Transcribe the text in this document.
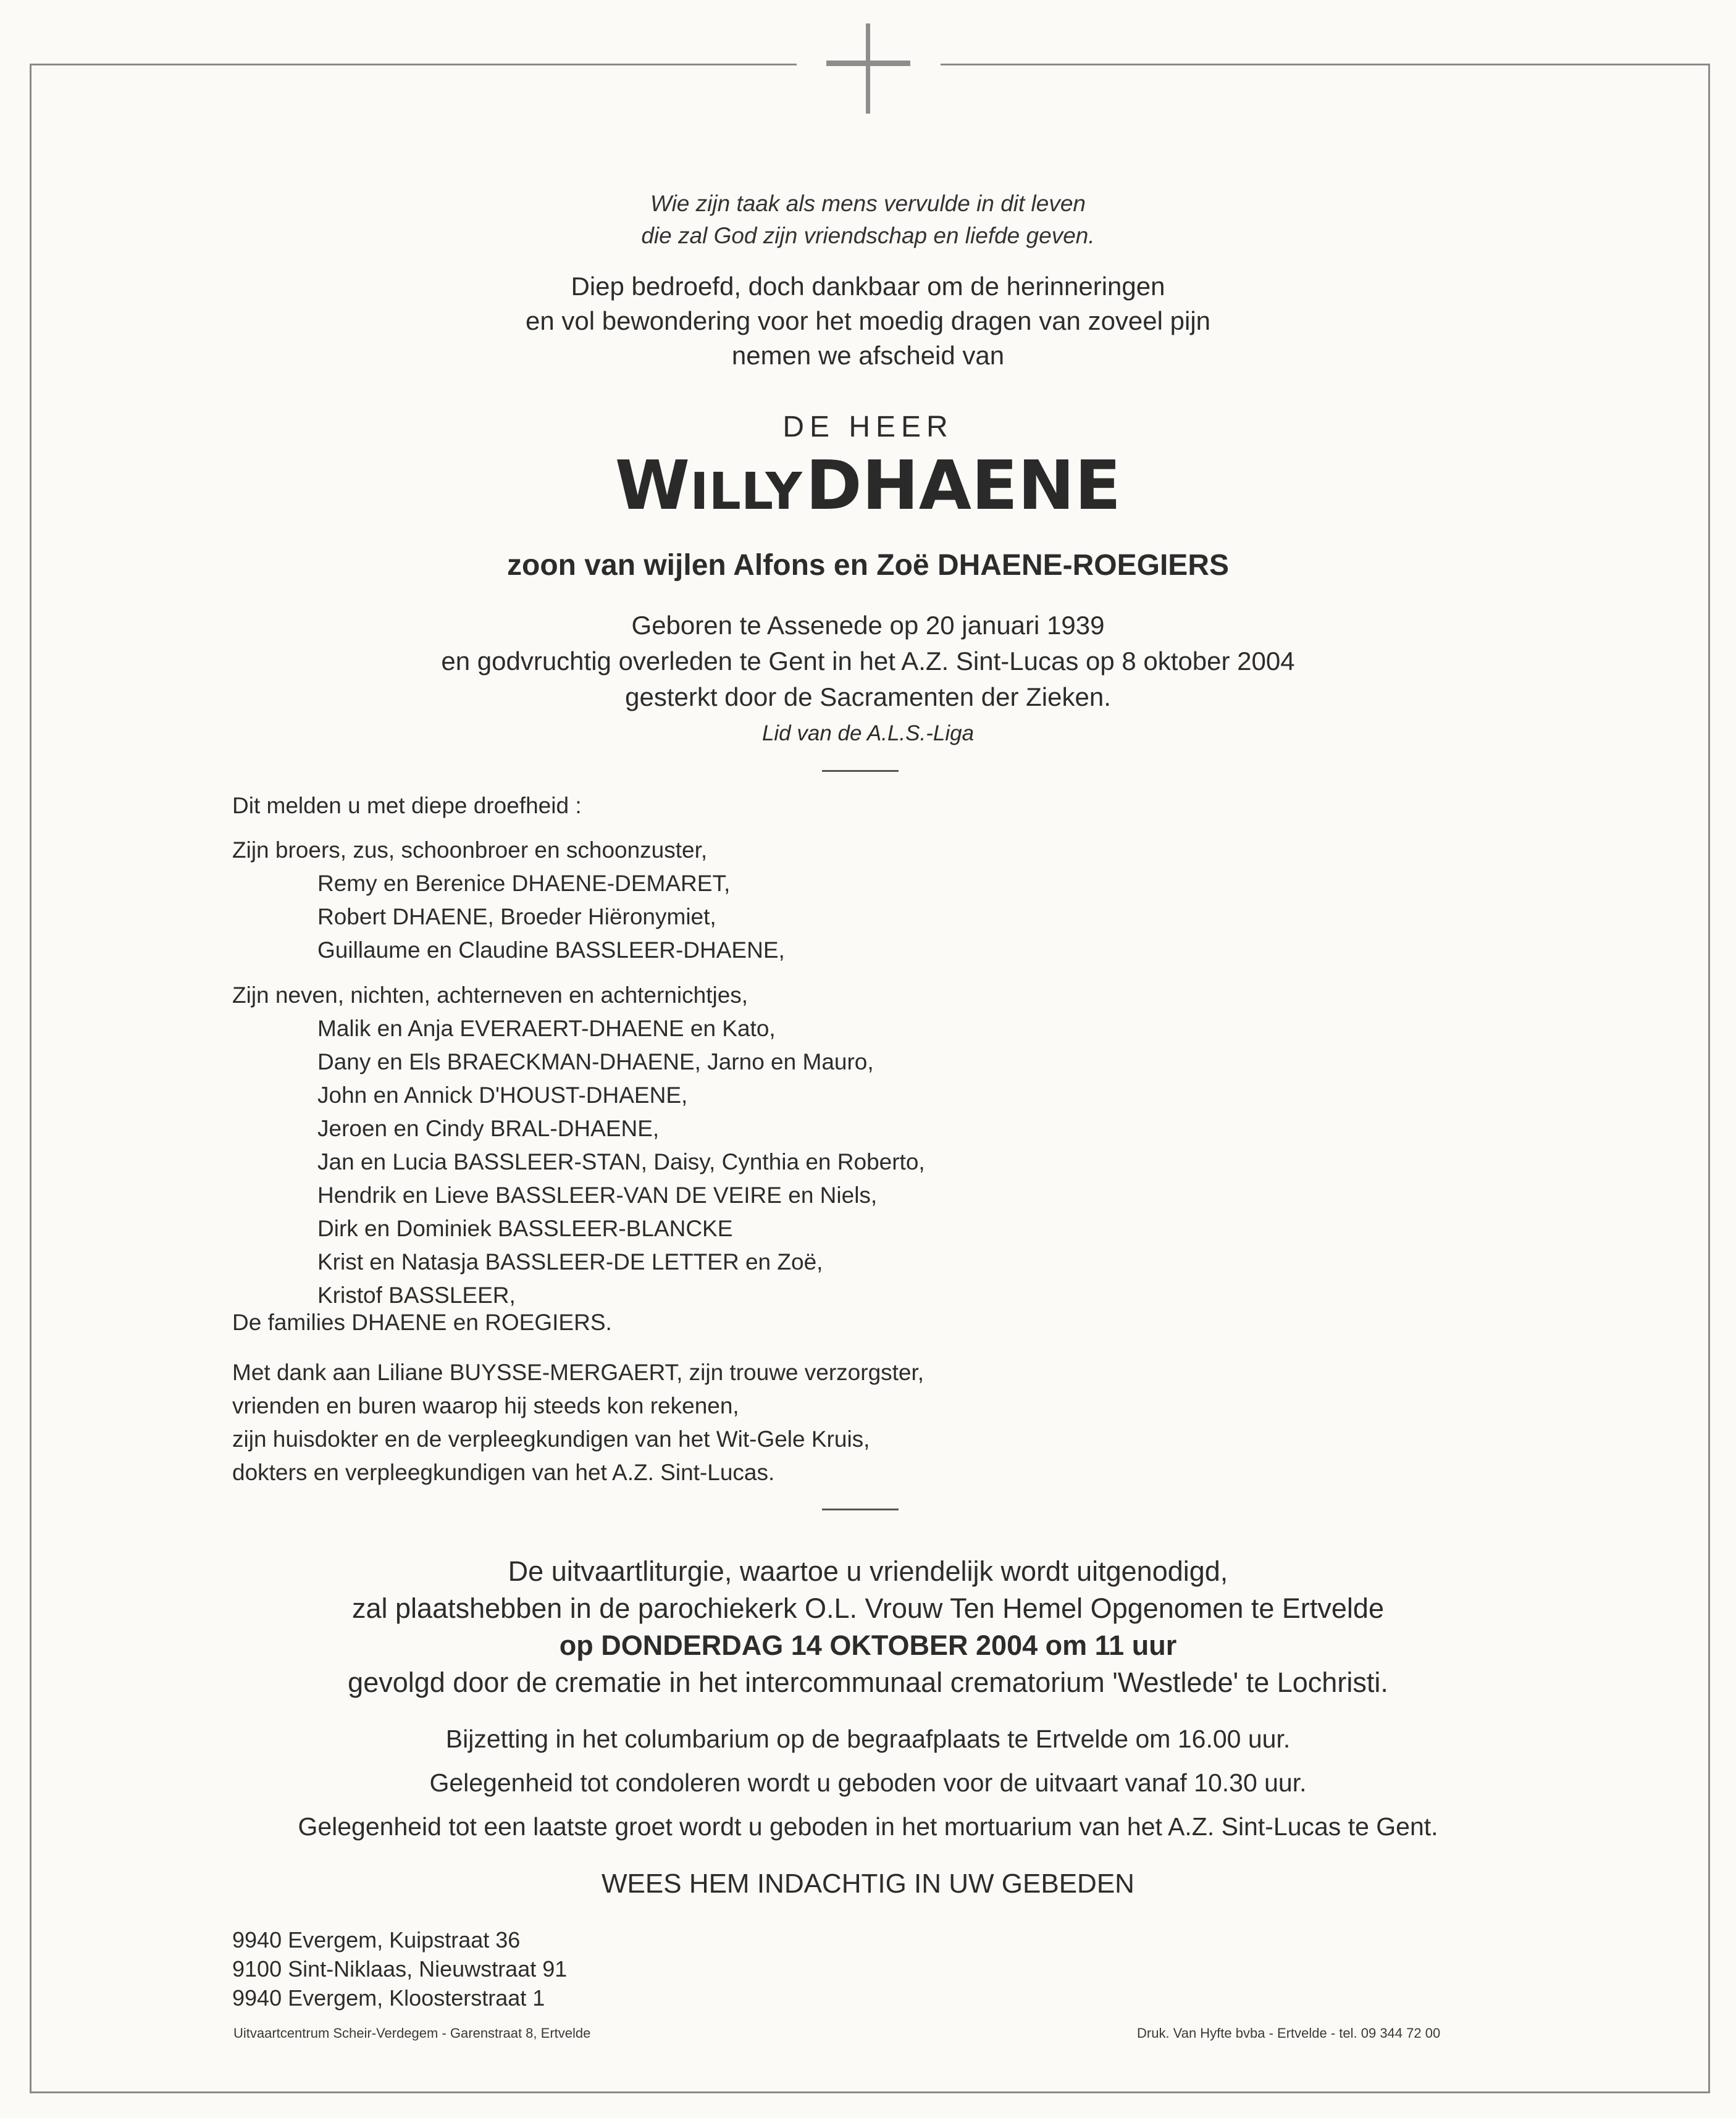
Wie zijn taak als mens vervulde in dit leven
die zal God zijn vriendschap en liefde geven.
Diep bedroefd, doch dankbaar om de herinneringen
en vol bewondering voor het moedig dragen van zoveel pijn
nemen we afscheid van
DE HEER
WILLY DHAENE
zoon van wijlen Alfons en Zoë DHAENE-ROEGIERS
Geboren te Assenede op 20 januari 1939
en godvruchtig overleden te Gent in het A.Z. Sint-Lucas op 8 oktober 2004
gesterkt door de Sacramenten der Zieken.
Lid van de A.L.S.-Liga
Dit melden u met diepe droefheid :
Zijn broers, zus, schoonbroer en schoonzuster,
Remy en Berenice DHAENE-DEMARET,
Robert DHAENE, Broeder Hiëronymiet,
Guillaume en Claudine BASSLEER-DHAENE,
Zijn neven, nichten, achterneven en achternichtjes,
Malik en Anja EVERAERT-DHAENE en Kato,
Dany en Els BRAECKMAN-DHAENE, Jarno en Mauro,
John en Annick D'HOUST-DHAENE,
Jeroen en Cindy BRAL-DHAENE,
Jan en Lucia BASSLEER-STAN, Daisy, Cynthia en Roberto,
Hendrik en Lieve BASSLEER-VAN DE VEIRE en Niels,
Dirk en Dominiek BASSLEER-BLANCKE
Krist en Natasja BASSLEER-DE LETTER en Zoë,
Kristof BASSLEER,
De families DHAENE en ROEGIERS.
Met dank aan Liliane BUYSSE-MERGAERT, zijn trouwe verzorgster,
vrienden en buren waarop hij steeds kon rekenen,
zijn huisdokter en de verpleegkundigen van het Wit-Gele Kruis,
dokters en verpleegkundigen van het A.Z. Sint-Lucas.
De uitvaartliturgie, waartoe u vriendelijk wordt uitgenodigd,
zal plaatshebben in de parochiekerk O.L. Vrouw Ten Hemel Opgenomen te Ertvelde
op DONDERDAG 14 OKTOBER 2004 om 11 uur
gevolgd door de crematie in het intercommunaal crematorium 'Westlede' te Lochristi.
Bijzetting in het columbarium op de begraafplaats te Ertvelde om 16.00 uur.
Gelegenheid tot condoleren wordt u geboden voor de uitvaart vanaf 10.30 uur.
Gelegenheid tot een laatste groet wordt u geboden in het mortuarium van het A.Z. Sint-Lucas te Gent.
WEES HEM INDACHTIG IN UW GEBEDEN
9940 Evergem, Kuipstraat 36
9100 Sint-Niklaas, Nieuwstraat 91
9940 Evergem, Kloosterstraat 1
Uitvaartcentrum Scheir-Verdegem - Garenstraat 8, Ertvelde	Druk. Van Hyfte bvba - Ertvelde - tel. 09 344 72 00
